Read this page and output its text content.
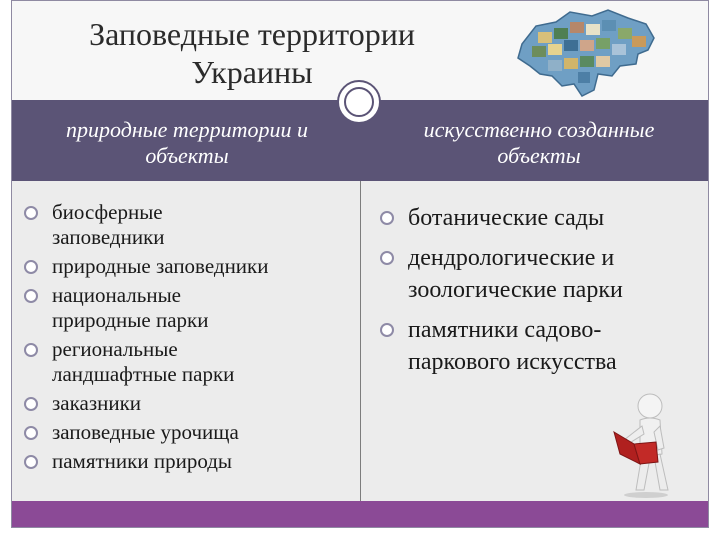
Заповедные территории
Украины
природные территории и
объекты
искусственно созданные
объекты
биосферные
заповедники
природные заповедники
национальные
природные парки
региональные
ландшафтные парки
заказники
заповедные урочища
памятники природы
ботанические сады
дендрологические и
зоологические парки
памятники садово-
паркового искусства
